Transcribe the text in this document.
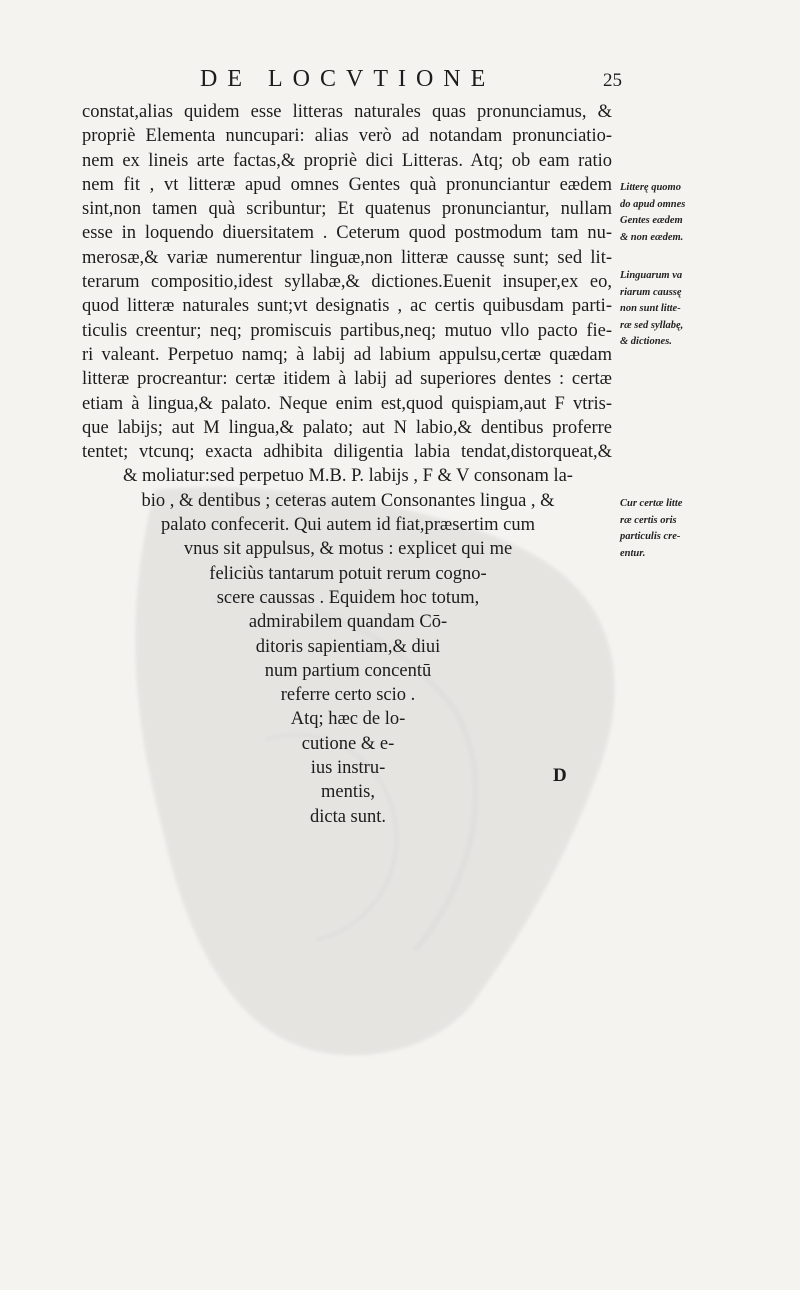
DE LOCVTIONE	25
constat,alias quidem esse litteras naturales quas pronunciamus, &
propriè Elementa nuncupari: alias verò ad notandam pronunciatio-
nem ex lineis arte factas,& propriè dici Litteras. Atq; ob eam ratio
nem fit , vt litteræ apud omnes Gentes quà pronunciantur eædem
sint,non tamen quà scribuntur; Et quatenus pronunciantur, nullam
esse in loquendo diuersitatem . Ceterum quod postmodum tam nu-
merosæ,& variæ numerentur linguæ,non litteræ caussę sunt; sed lit-
terarum compositio,idest syllabæ,& dictiones.Euenit insuper,ex eo,
quod litteræ naturales sunt;vt designatis , ac certis quibusdam parti-
ticulis creentur; neq; promiscuis partibus,neq; mutuo vllo pacto fie-
ri valeant. Perpetuo namq; à labij ad labium appulsu,certæ quædam
litteræ procreantur: certæ itidem à labij ad superiores dentes : certæ
etiam à lingua,& palato. Neque enim est,quod quispiam,aut F vtris-
que labijs; aut M lingua,& palato; aut N labio,& dentibus proferre
tentet; vtcunq; exacta adhibita diligentia labia tendat,distorqueat,&
& moliatur:sed perpetuo M.B. P. labijs , F & V consonam la-
bio , & dentibus ; ceteras autem Consonantes lingua , &
palato confecerit. Qui autem id fiat,præsertim cum
vnus sit appulsus, & motus : explicet qui me
feliciùs tantarum potuit rerum cogno-
scere caussas . Equidem hoc totum,
admirabilem quandam Cō-
ditoris sapientiam,& diui
num partium concentū
referre certo scio .
Atq; hæc de lo-
cutione & e-
ius instru-
mentis,
dicta sunt.
Litterę quomo
do apud omnes
Gentes eædem
& non eædem.
Linguarum va
riarum caussę
non sunt litte-
ræ sed syllabę,
& dictiones.
Cur certæ litte
ræ certis oris
particulis cre-
entur.
D
